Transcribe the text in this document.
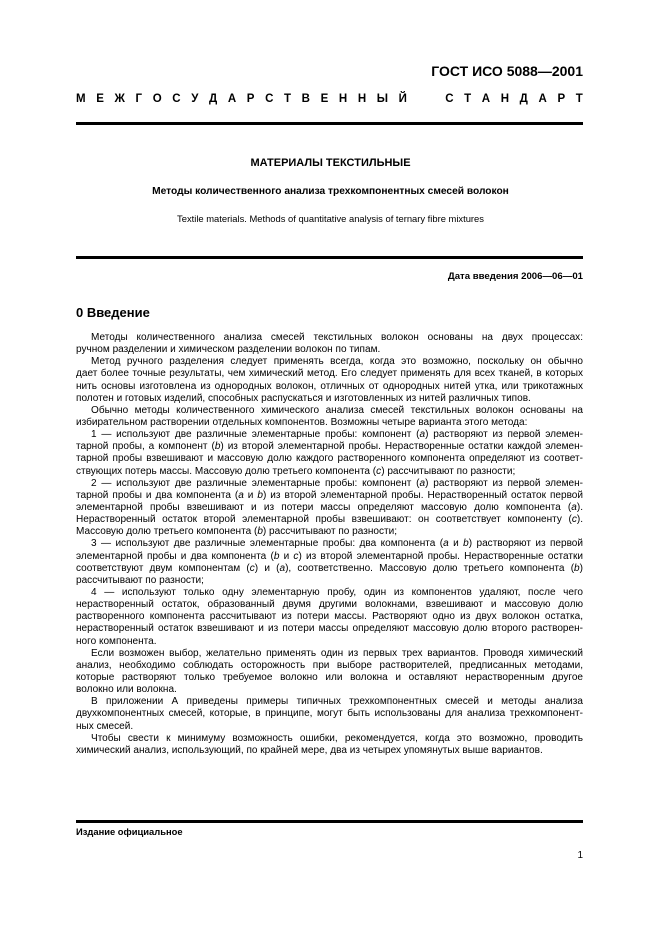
ГОСТ ИСО 5088—2001
М Е Ж Г О С У Д А Р С Т В Е Н Н Ы Й

	С Т А Н Д А Р Т
МАТЕРИАЛЫ ТЕКСТИЛЬНЫЕ
Методы количественного анализа трехкомпонентных смесей волокон
Textile materials. Methods of quantitative analysis of ternary fibre mixtures
Дата введения 2006—06—01
0 Введение
Методы количественного анализа смесей текстильных волокон основаны на двух процессах:
ручном разделении и химическом разделении волокон по типам.
Метод ручного разделения следует применять всегда, когда это возможно, поскольку он обычно
дает более точные результаты, чем химический метод. Его следует применять для всех тканей, в которых
нить основы изготовлена из однородных волокон, отличных от однородных нитей утка, или трикотажных
полотен и готовых изделий, способных распускаться и изготовленных из нитей различных типов.
Обычно методы количественного химического анализа смесей текстильных волокон основаны на
избирательном растворении отдельных компонентов. Возможны четыре варианта этого метода:
1 — используют две различные элементарные пробы: компонент (a) растворяют из первой элемен-
тарной пробы, а компонент (b) из второй элементарной пробы. Нерастворенные остатки каждой элемен-
тарной пробы взвешивают и массовую долю каждого растворенного компонента определяют из соответ-
ствующих потерь массы. Массовую долю третьего компонента (c) рассчитывают по разности;
2 — используют две различные элементарные пробы: компонент (a) растворяют из первой элемен-
тарной пробы и два компонента (a и b) из второй элементарной пробы. Нерастворенный остаток первой
элементарной пробы взвешивают и из потери массы определяют массовую долю компонента (a).
Нерастворенный остаток второй элементарной пробы взвешивают: он соответствует компоненту (c).
Массовую долю третьего компонента (b) рассчитывают по разности;
3 — используют две различные элементарные пробы: два компонента (a и b) растворяют из первой
элементарной пробы и два компонента (b и c) из второй элементарной пробы. Нерастворенные остатки
соответствуют двум компонентам (c) и (a), соответственно. Массовую долю третьего компонента (b)
рассчитывают по разности;
4 — используют только одну элементарную пробу, один из компонентов удаляют, после чего
нерастворенный остаток, образованный двумя другими волокнами, взвешивают и массовую долю
растворенного компонента рассчитывают из потери массы. Растворяют одно из двух волокон остатка,
нерастворенный остаток взвешивают и из потери массы определяют массовую долю второго растворен-
ного компонента.
Если возможен выбор, желательно применять один из первых трех вариантов. Проводя химический
анализ, необходимо соблюдать осторожность при выборе растворителей, предписанных методами,
которые растворяют только требуемое волокно или волокна и оставляют нерастворенным другое
волокно или волокна.
В приложении А приведены примеры типичных трехкомпонентных смесей и методы анализа
двухкомпонентных смесей, которые, в принципе, могут быть использованы для анализа трехкомпонент-
ных смесей.
Чтобы свести к минимуму возможность ошибки, рекомендуется, когда это возможно, проводить
химический анализ, использующий, по крайней мере, два из четырех упомянутых выше вариантов.
Издание официальное
1
